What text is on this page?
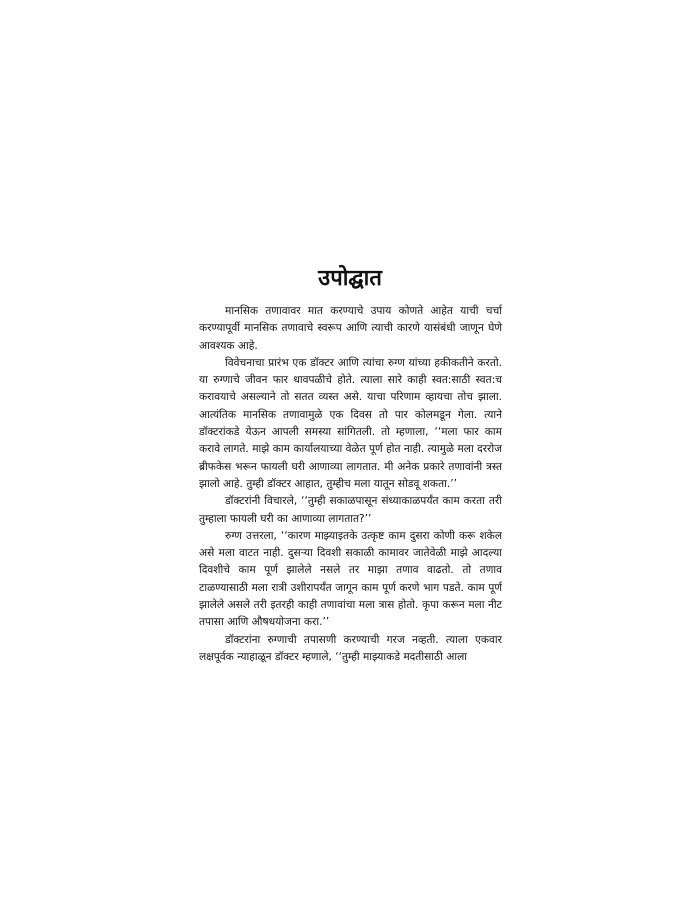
उपोद्घात

मानसिक तणावावर मात करण्याचे उपाय कोणते आहेत याची चर्चा करण्यापूर्वी मानसिक तणावाचे स्वरूप आणि त्याची कारणे यासंबंधी जाणून घेणे आवश्यक आहे.

विवेचनाचा प्रारंभ एक डॉक्टर आणि त्यांचा रुग्ण यांच्या हकीकतीने करतो. या रुग्णाचे जीवन फार धावपळीचे होते. त्याला सारे काही स्वत:साठी स्वत:च करावयाचे असल्याने तो सतत व्यस्त असे. याचा परिणाम व्हायचा तोच झाला. आत्यंतिक मानसिक तणावामुळे एक दिवस तो पार कोलमडून गेला. त्याने डॉक्टरांकडे येऊन आपली समस्या सांगितली. तो म्हणाला, ‘‘मला फार काम करावे लागते. माझे काम कार्यालयाच्या वेळेत पूर्ण होत नाही. त्यामुळे मला दररोज ब्रीफकेस भरून फायली घरी आणाव्या लागतात. मी अनेक प्रकारे तणावांनी त्रस्त झालो आहे. तुम्ही डॉक्टर आहात, तुम्हीच मला यातून सोडवू शकता.’’

डॉक्टरांनी विचारले, ‘‘तुम्ही सकाळपासून संध्याकाळपर्यंत काम करता तरी तुम्हाला फायली घरी का आणाव्या लागतात?’’

रुग्ण उत्तरला, ‘‘कारण माझ्याइतके उत्कृष्ट काम दुसरा कोणी करू शकेल असे मला वाटत नाही. दुसऱ्या दिवशी सकाळी कामावर जातेवेळी माझे आदल्या दिवशीचे काम पूर्ण झालेले नसले तर माझा तणाव वाढतो. तो तणाव टाळण्यासाठी मला रात्री उशीरापर्यंत जागून काम पूर्ण करणे भाग पडते. काम पूर्ण झालेले असले तरी इतरही काही तणावांचा मला त्रास होतो. कृपा करून मला नीट तपासा आणि औषधयोजना करा.’’

डॉक्टरांना रुग्णाची तपासणी करण्याची गरज नव्हती. त्याला एकवार लक्षपूर्वक न्याहाळून डॉक्टर म्हणाले, ‘‘तुम्ही माझ्याकडे मदतीसाठी आला
